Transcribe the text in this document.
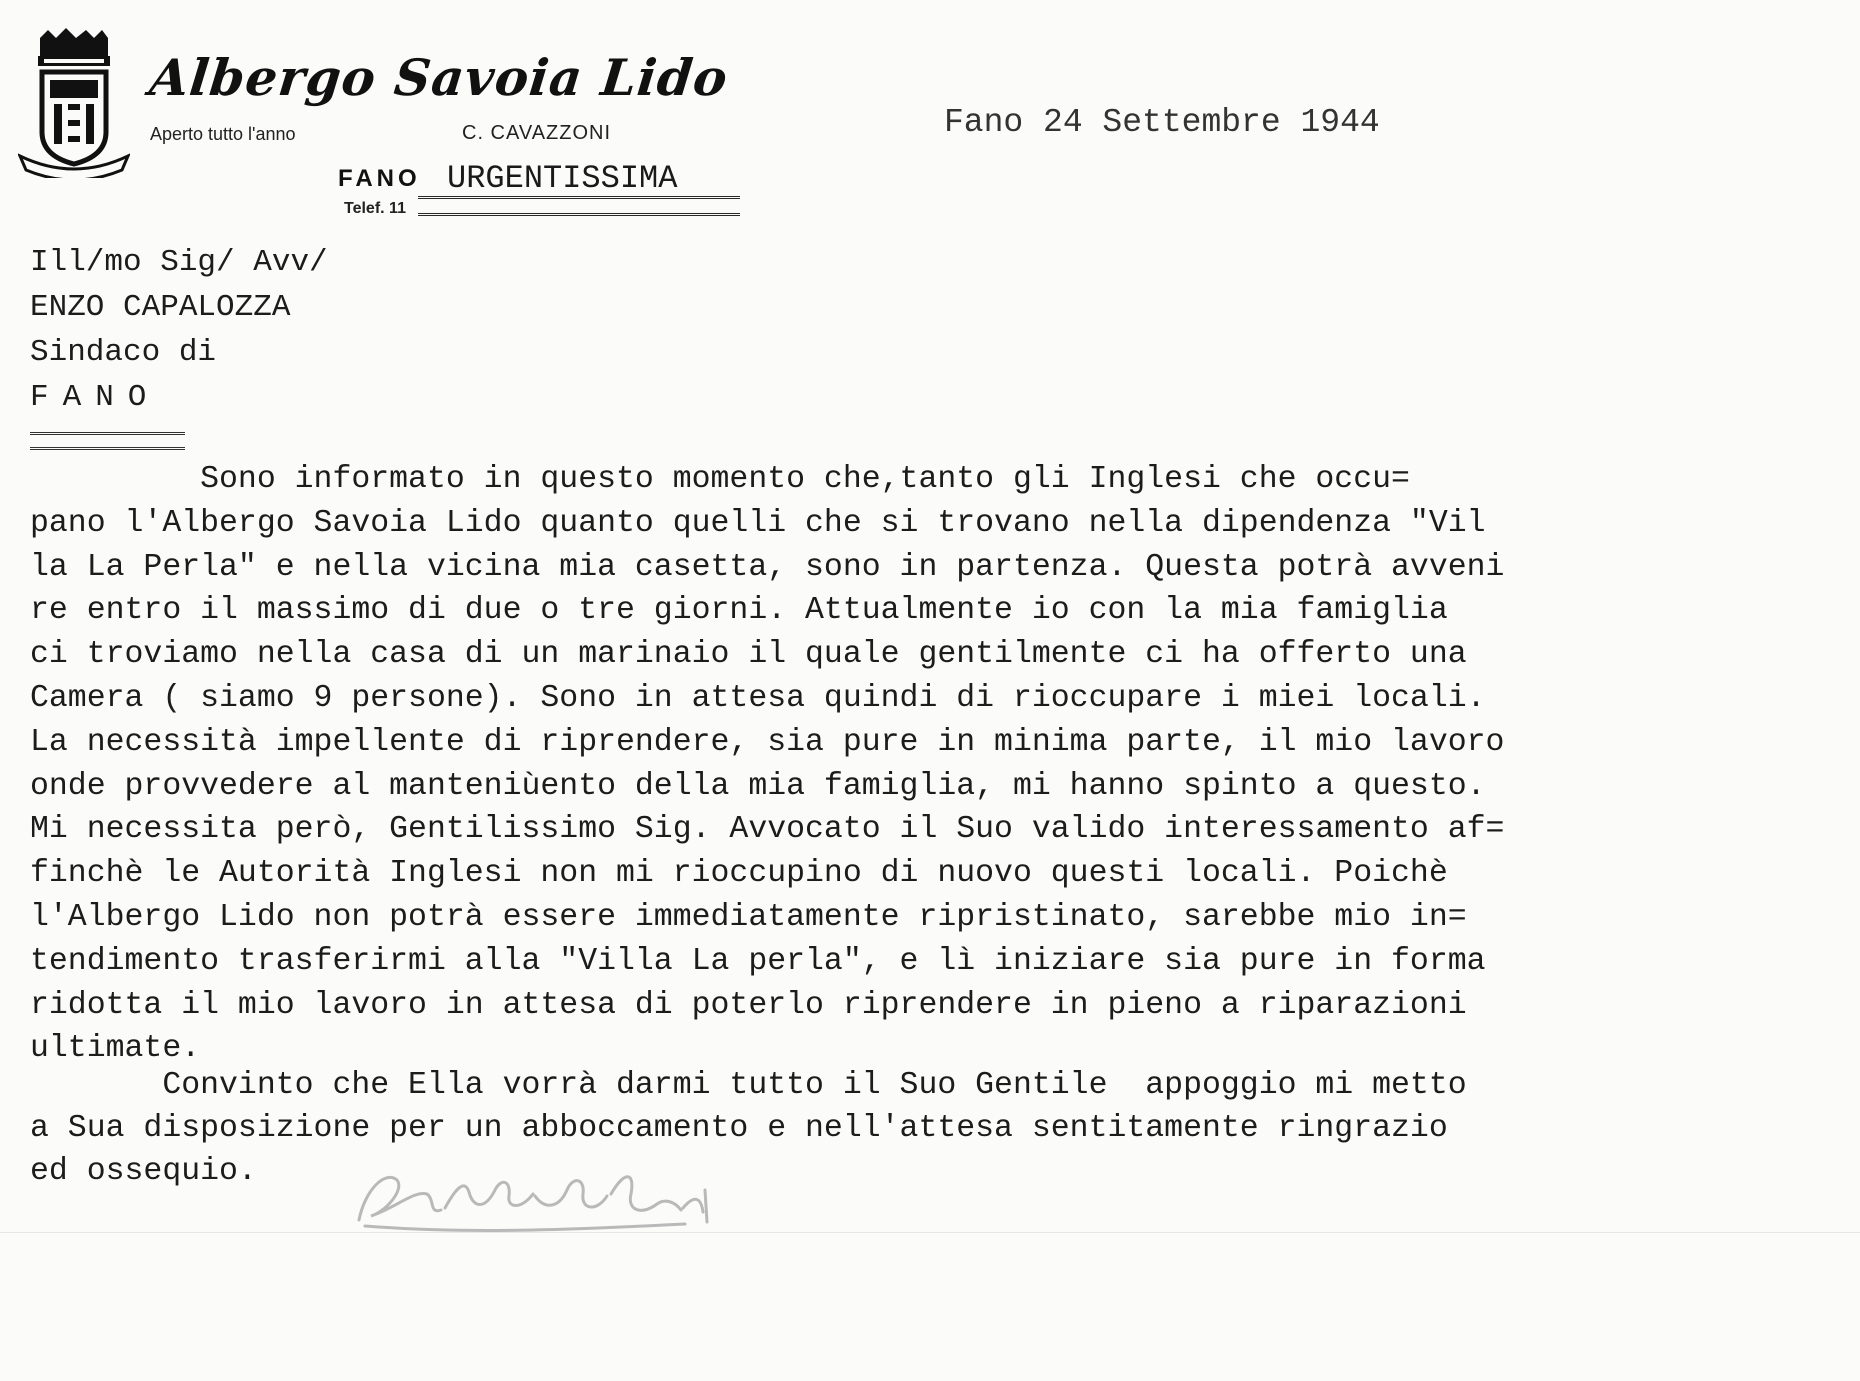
Albergo Savoia Lido
Aperto tutto l'anno	C. CAVAZZONI
FANO
Telef. 11
URGENTISSIMA
Fano 24 Settembre 1944
Ill/mo Sig/ Avv/
ENZO CAPALOZZA
Sindaco di
FANO
Sono informato in questo momento che,tanto gli Inglesi che occu=
pano l'Albergo Savoia Lido quanto quelli che si trovano nella dipendenza "Vil
la La Perla" e nella vicina mia casetta, sono in partenza. Questa potrà avveni
re entro il massimo di due o tre giorni. Attualmente io con la mia famiglia
ci troviamo nella casa di un marinaio il quale gentilmente ci ha offerto una
Camera ( siamo 9 persone). Sono in attesa quindi di rioccupare i miei locali.
La necessità impellente di riprendere, sia pure in minima parte, il mio lavoro
onde provvedere al manteniùento della mia famiglia, mi hanno spinto a questo.
Mi necessita però, Gentilissimo Sig. Avvocato il Suo valido interessamento af=
finchè le Autorità Inglesi non mi rioccupino di nuovo questi locali. Poichè
l'Albergo Lido non potrà essere immediatamente ripristinato, sarebbe mio in=
tendimento trasferirmi alla "Villa La perla", e lì iniziare sia pure in forma
ridotta il mio lavoro in attesa di poterlo riprendere in pieno a riparazioni
ultimate.
Convinto che Ella vorrà darmi tutto il Suo Gentile  appoggio mi metto
a Sua disposizione per un abboccamento e nell'attesa sentitamente ringrazio
ed ossequio.
